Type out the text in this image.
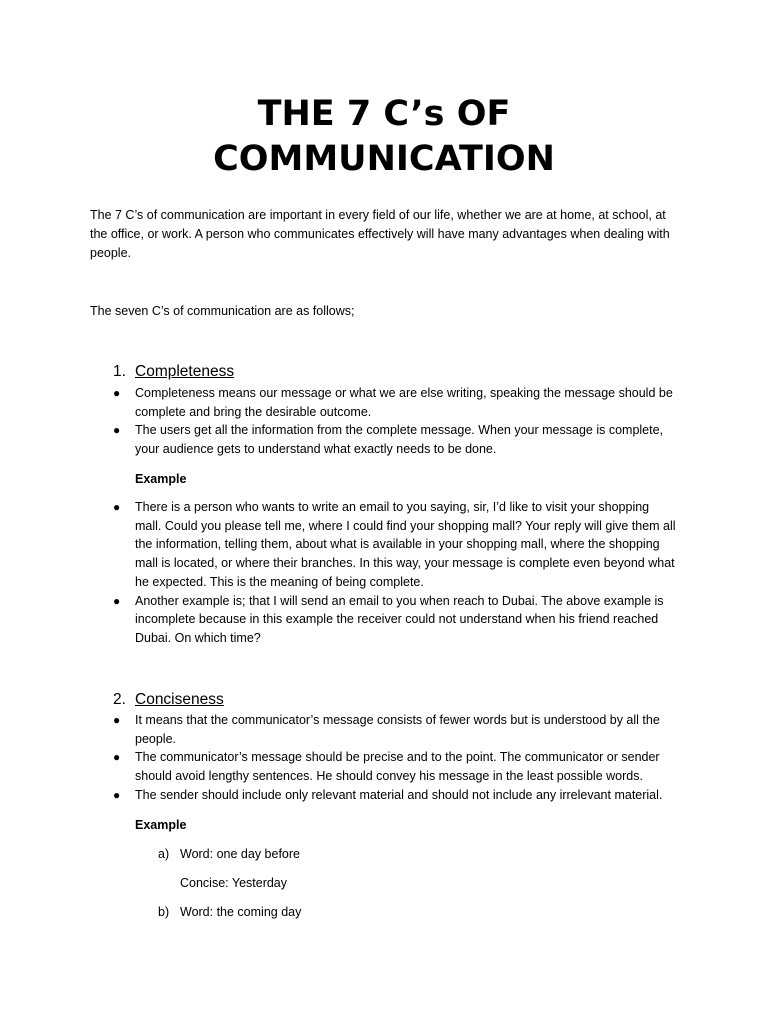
THE 7 C’s OF
COMMUNICATION

The 7 C’s of communication are important in every field of our life, whether we are at home, at school, at the office, or work. A person who communicates effectively will have many advantages when dealing with people.

The seven C’s of communication are as follows;

1. Completeness
● Completeness means our message or what we are else writing, speaking the message should be complete and bring the desirable outcome.
● The users get all the information from the complete message. When your message is complete, your audience gets to understand what exactly needs to be done.

Example

● There is a person who wants to write an email to you saying, sir, I’d like to visit your shopping mall. Could you please tell me, where I could find your shopping mall? Your reply will give them all the information, telling them, about what is available in your shopping mall, where the shopping mall is located, or where their branches. In this way, your message is complete even beyond what he expected. This is the meaning of being complete.
● Another example is; that I will send an email to you when reach to Dubai. The above example is incomplete because in this example the receiver could not understand when his friend reached Dubai. On which time?
2. Conciseness
● It means that the communicator’s message consists of fewer words but is understood by all the people.
● The communicator’s message should be precise and to the point. The communicator or sender should avoid lengthy sentences. He should convey his message in the least possible words.
● The sender should include only relevant material and should not include any irrelevant material.

Example

a) Word: one day before
Concise: Yesterday
b) Word: the coming day
